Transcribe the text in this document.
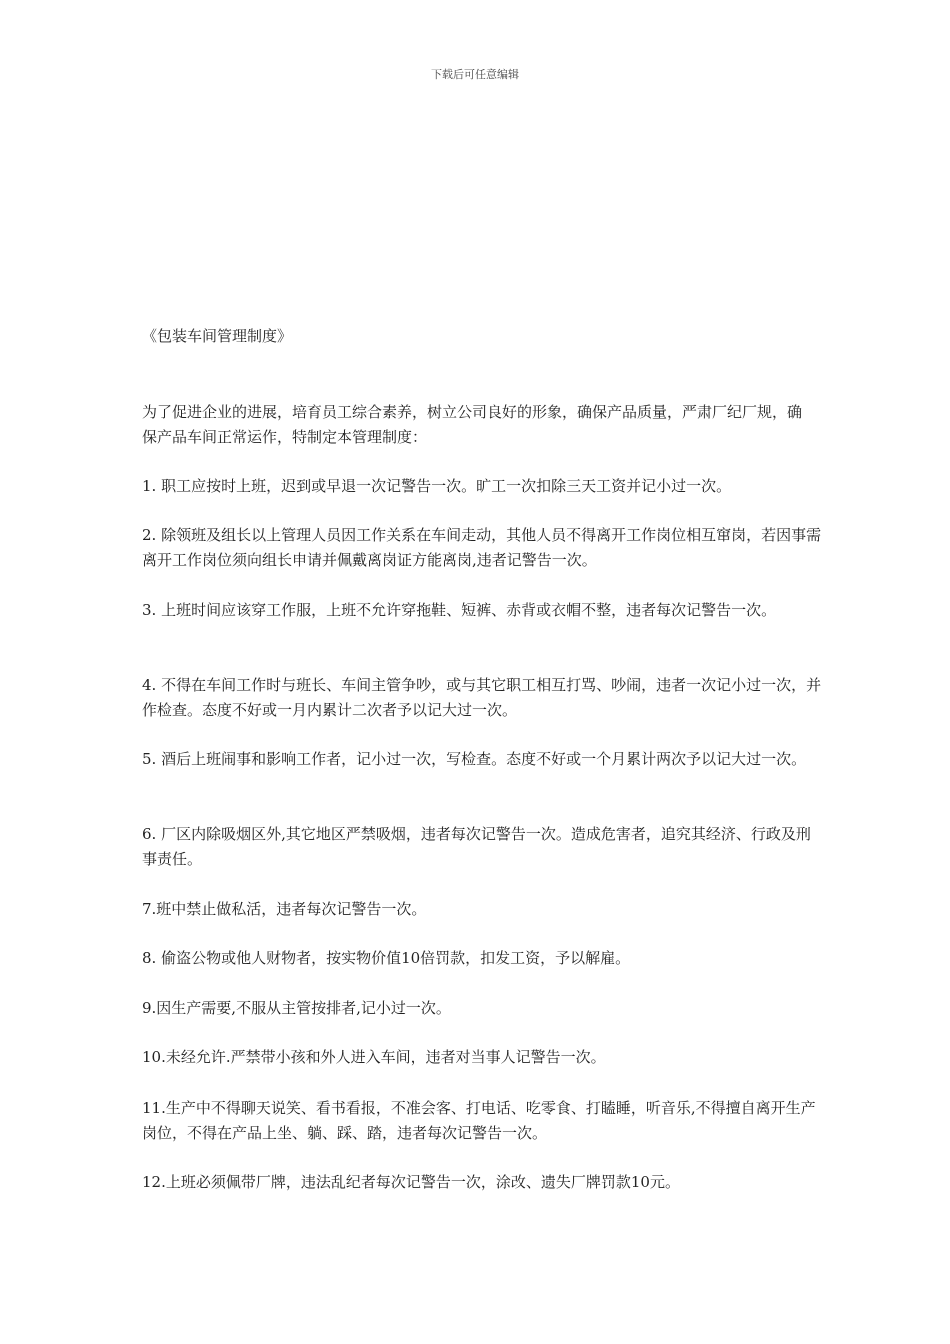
下载后可任意编辑
《包装车间管理制度》
为了促进企业的进展，培育员工综合素养，树立公司良好的形象，确保产品质量，严肃厂纪厂规，确保产品车间正常运作，特制定本管理制度：
1. 职工应按时上班，迟到或早退一次记警告一次。旷工一次扣除三天工资并记小过一次。
2. 除领班及组长以上管理人员因工作关系在车间走动，其他人员不得离开工作岗位相互窜岗，若因事需离开工作岗位须向组长申请并佩戴离岗证方能离岗,违者记警告一次。
3. 上班时间应该穿工作服，上班不允许穿拖鞋、短裤、赤背或衣帽不整，违者每次记警告一次。
4. 不得在车间工作时与班长、车间主管争吵，或与其它职工相互打骂、吵闹，违者一次记小过一次，并作检查。态度不好或一月内累计二次者予以记大过一次。
5. 酒后上班闹事和影响工作者，记小过一次，写检查。态度不好或一个月累计两次予以记大过一次。
6. 厂区内除吸烟区外,其它地区严禁吸烟，违者每次记警告一次。造成危害者，追究其经济、行政及刑事责任。
7.班中禁止做私活，违者每次记警告一次。
8. 偷盗公物或他人财物者，按实物价值10倍罚款，扣发工资，予以解雇。
9.因生产需要,不服从主管按排者,记小过一次。
10.未经允许.严禁带小孩和外人进入车间，违者对当事人记警告一次。
11.生产中不得聊天说笑、看书看报，不准会客、打电话、吃零食、打瞌睡，听音乐,不得擅自离开生产岗位，不得在产品上坐、躺、踩、踏，违者每次记警告一次。
12.上班必须佩带厂牌，违法乱纪者每次记警告一次，涂改、遗失厂牌罚款10元。
